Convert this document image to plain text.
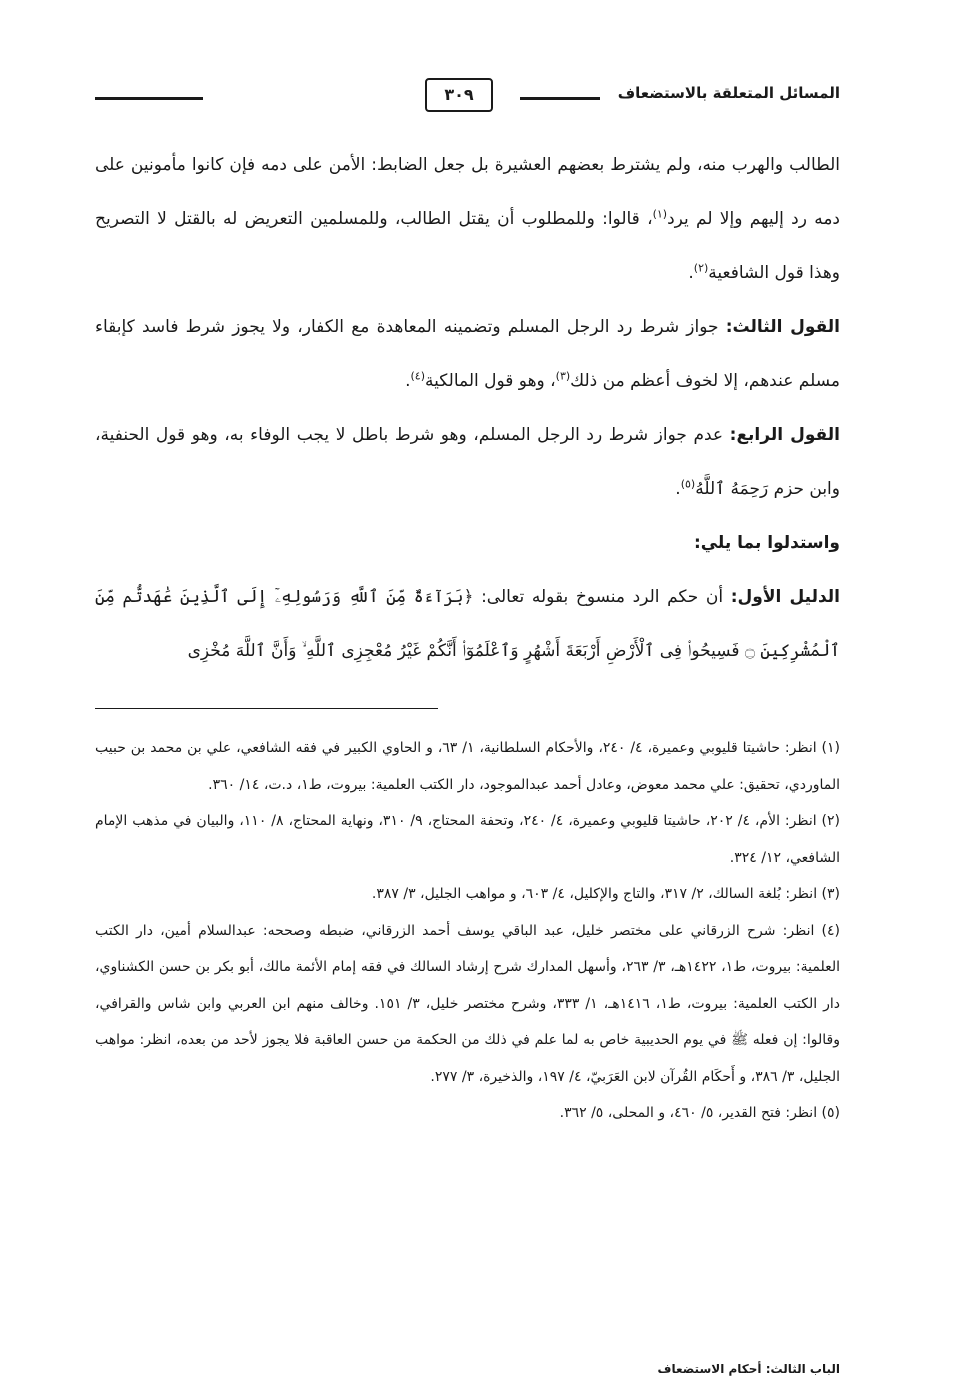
المسائل المتعلقة بالاستضعاف
٣٠٩

الطالب والهرب منه، ولم يشترط بعضهم العشيرة بل جعل الضابط: الأمن على دمه فإن كانوا مأمونين على دمه رد إليهم وإلا لم يرد$^{(١)}$، قالوا: وللمطلوب أن يقتل الطالب، وللمسلمين التعريض له بالقتل لا التصريح وهذا قول الشافعية$^{(٢)}$.

القول الثالث: جواز شرط رد الرجل المسلم وتضمينه المعاهدة مع الكفار، ولا يجوز شرط فاسد كإبقاء مسلم عندهم، إلا لخوف أعظم من ذلك$^{(٣)}$، وهو قول المالكية$^{(٤)}$.

القول الرابع: عدم جواز شرط رد الرجل المسلم، وهو شرط باطل لا يجب الوفاء به، وهو قول الحنفية، وابن حزم رَحِمَهُ ٱللَّهُ$^{(٥)}$.

واستدلوا بما يلي:

الدليل الأول: أن حكم الرد منسوخ بقوله تعالى: ﴿بَرَآءَةٌ مِّنَ ٱللَّهِ وَرَسُولِهِۦٓ إِلَى ٱلَّذِينَ عَٰهَدتُّم مِّنَ ٱلْمُشْرِكِينَ ۝ فَسِيحُوا۟ فِى ٱلْأَرْضِ أَرْبَعَةَ أَشْهُرٍ وَٱعْلَمُوٓا۟ أَنَّكُمْ غَيْرُ مُعْجِزِى ٱللَّهِ ۙ وَأَنَّ ٱللَّهَ مُخْزِى

(١) انظر: حاشيتا قليوبي وعميرة، ٤/ ٢٤٠، والأحكام السلطانية، ١/ ٦٣، و الحاوي الكبير في فقه الشافعي، علي بن محمد بن حبيب الماوردي، تحقيق: علي محمد معوض، وعادل أحمد عبدالموجود، دار الكتب العلمية: بيروت، ط١، د.ت، ١٤/ ٣٦٠.

(٢) انظر: الأم، ٤/ ٢٠٢، حاشيتا قليوبي وعميرة، ٤/ ٢٤٠، وتحفة المحتاج، ٩/ ٣١٠، ونهاية المحتاج، ٨/ ١١٠، والبيان في مذهب الإمام الشافعي، ١٢/ ٣٢٤.

(٣) انظر: بُلغة السالك، ٢/ ٣١٧، والتاج والإكليل، ٤/ ٦٠٣، و مواهب الجليل، ٣/ ٣٨٧.

(٤) انظر: شرح الزرقاني على مختصر خليل، عبد الباقي يوسف أحمد الزرقاني، ضبطه وصححه: عبدالسلام أمين، دار الكتب العلمية: بيروت، ط١، ١٤٢٢هـ، ٣/ ٢٦٣، وأسهل المدارك شرح إرشاد السالك في فقه إمام الأئمة مالك، أبو بكر بن حسن الكشناوي، دار الكتب العلمية: بيروت، ط١، ١٤١٦هـ، ١/ ٣٣٣، وشرح مختصر خليل، ٣/ ١٥١. وخالف منهم ابن العربي وابن شاس والقرافي، وقالوا: إن فعله ﷺ في يوم الحديبية خاص به لما علم في ذلك من الحكمة من حسن العاقبة فلا يجوز لأحد من بعده، انظر: مواهب الجليل، ٣/ ٣٨٦، و أَحكَام القُرآن لابن العَرَبيّ، ٤/ ١٩٧، والذخيرة، ٣/ ٢٧٧.

(٥) انظر: فتح القدير، ٥/ ٤٦٠، و المحلى، ٥/ ٣٦٢.

الباب الثالث: أحكام الاستضعاف
